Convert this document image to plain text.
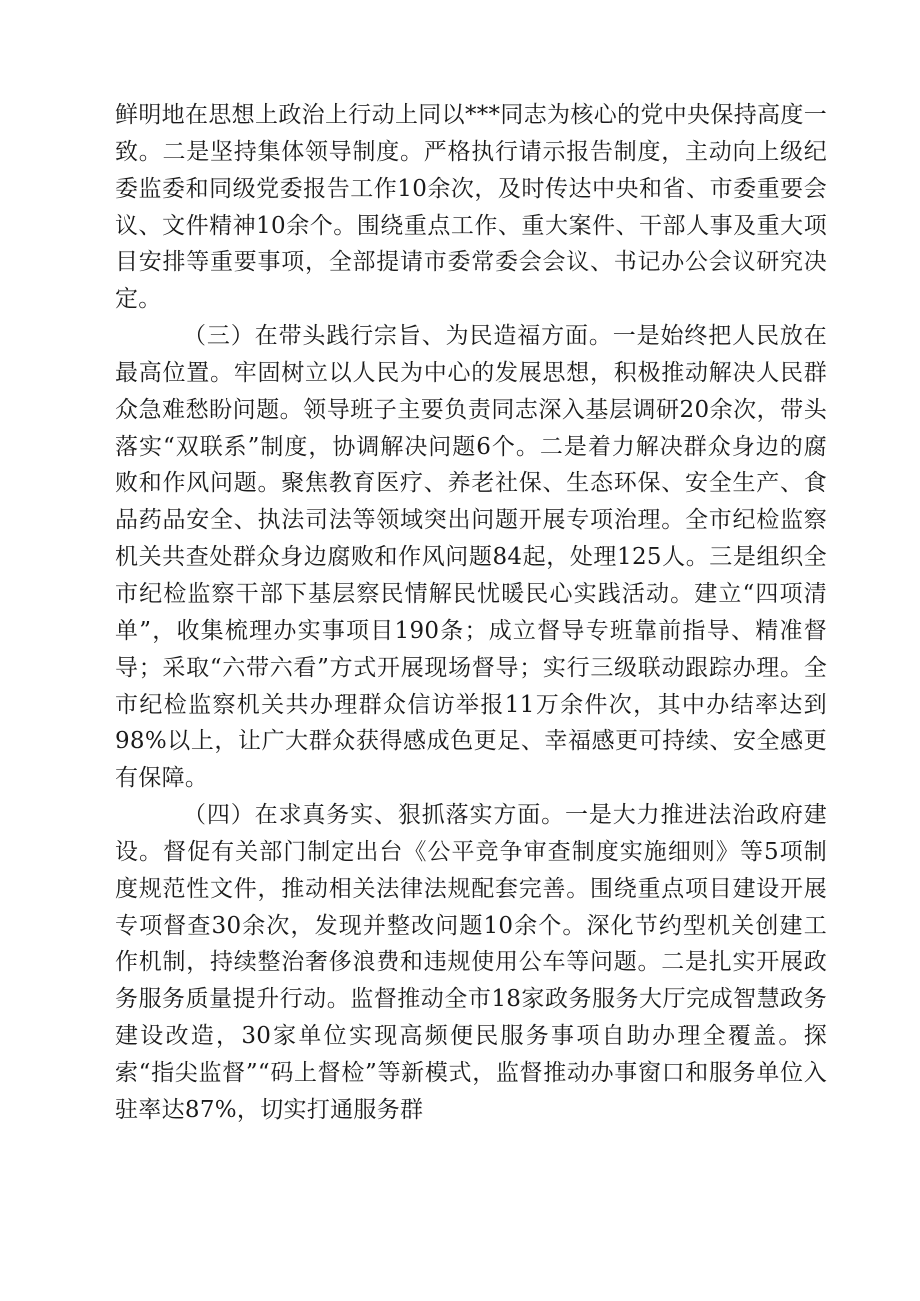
鲜明地在思想上政治上行动上同以***同志为核心的党中央保持高度一致。二是坚持集体领导制度。严格执行请示报告制度，主动向上级纪委监委和同级党委报告工作10余次，及时传达中央和省、市委重要会议、文件精神10余个。围绕重点工作、重大案件、干部人事及重大项目安排等重要事项，全部提请市委常委会会议、书记办公会议研究决定。

（三）在带头践行宗旨、为民造福方面。一是始终把人民放在最高位置。牢固树立以人民为中心的发展思想，积极推动解决人民群众急难愁盼问题。领导班子主要负责同志深入基层调研20余次，带头落实“双联系”制度，协调解决问题6个。二是着力解决群众身边的腐败和作风问题。聚焦教育医疗、养老社保、生态环保、安全生产、食品药品安全、执法司法等领域突出问题开展专项治理。全市纪检监察机关共查处群众身边腐败和作风问题84起，处理125人。三是组织全市纪检监察干部下基层察民情解民忧暖民心实践活动。建立“四项清单”，收集梳理办实事项目190条；成立督导专班靠前指导、精准督导；采取“六带六看”方式开展现场督导；实行三级联动跟踪办理。全市纪检监察机关共办理群众信访举报11万余件次，其中办结率达到98%以上，让广大群众获得感成色更足、幸福感更可持续、安全感更有保障。

（四）在求真务实、狠抓落实方面。一是大力推进法治政府建设。督促有关部门制定出台《公平竞争审查制度实施细则》等5项制度规范性文件，推动相关法律法规配套完善。围绕重点项目建设开展专项督查30余次，发现并整改问题10余个。深化节约型机关创建工作机制，持续整治奢侈浪费和违规使用公车等问题。二是扎实开展政务服务质量提升行动。监督推动全市18家政务服务大厅完成智慧政务建设改造，30家单位实现高频便民服务事项自助办理全覆盖。探索“指尖监督”“码上督检”等新模式，监督推动办事窗口和服务单位入驻率达87%，切实打通服务群
